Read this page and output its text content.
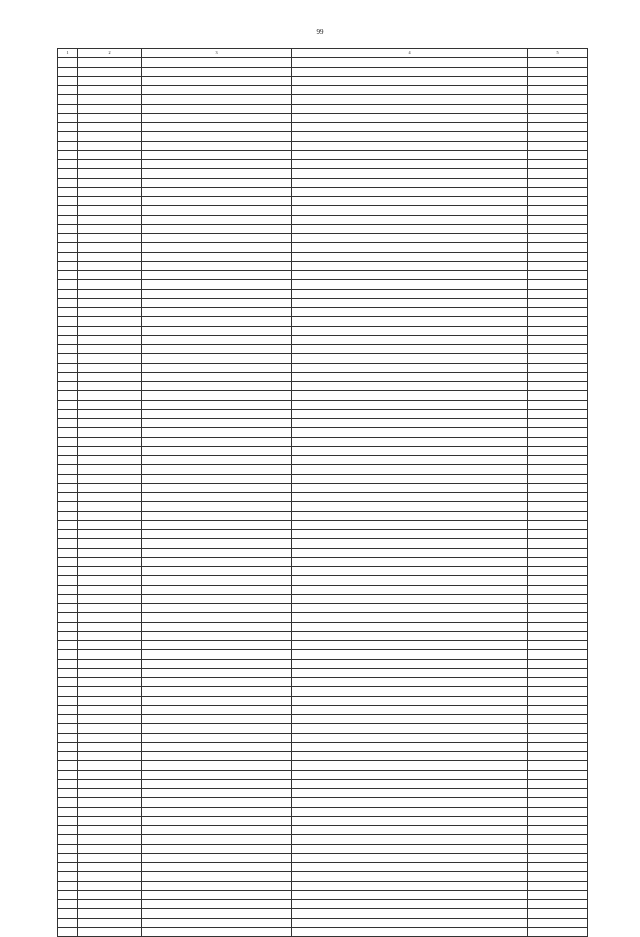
99
1	2	3	4	5
